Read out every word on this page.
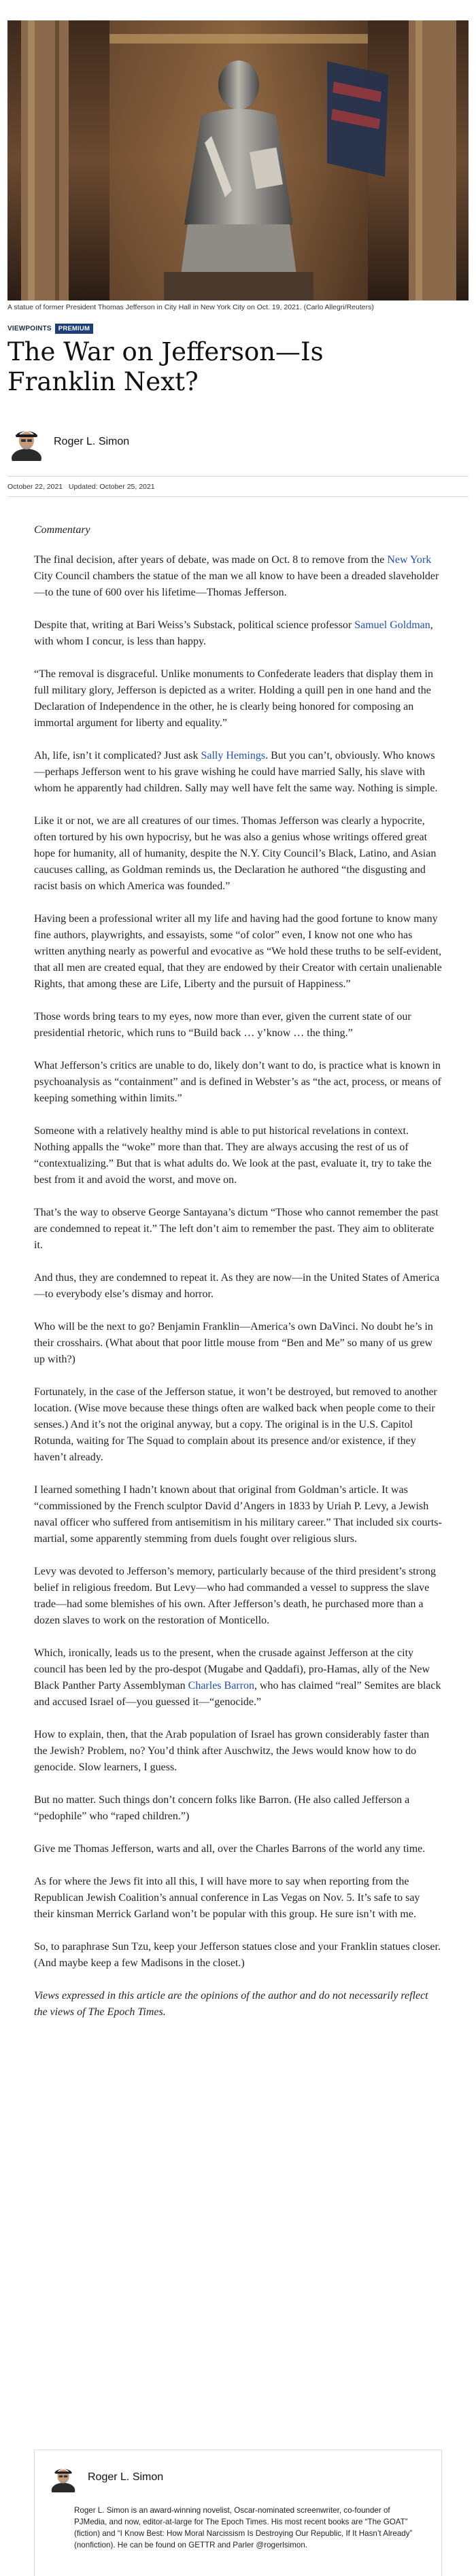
A statue of former President Thomas Jefferson in City Hall in New York City on Oct. 19, 2021. (Carlo Allegri/Reuters)
VIEWPOINTS	PREMIUM
The War on Jefferson—Is Franklin Next?
Roger L. Simon
October 22, 2021   Updated: October 25, 2021

Commentary

The final decision, after years of debate, was made on Oct. 8 to remove from the New York City Council chambers the statue of the man we all know to have been a dreaded slaveholder—to the tune of 600 over his lifetime—Thomas Jefferson.

Despite that, writing at Bari Weiss’s Substack, political science professor Samuel Goldman, with whom I concur, is less than happy.

“The removal is disgraceful. Unlike monuments to Confederate leaders that display them in full military glory, Jefferson is depicted as a writer. Holding a quill pen in one hand and the Declaration of Independence in the other, he is clearly being honored for composing an immortal argument for liberty and equality.”

Ah, life, isn’t it complicated? Just ask Sally Hemings. But you can’t, obviously. Who knows—perhaps Jefferson went to his grave wishing he could have married Sally, his slave with whom he apparently had children. Sally may well have felt the same way. Nothing is simple.

Like it or not, we are all creatures of our times. Thomas Jefferson was clearly a hypocrite, often tortured by his own hypocrisy, but he was also a genius whose writings offered great hope for humanity, all of humanity, despite the N.Y. City Council’s Black, Latino, and Asian caucuses calling, as Goldman reminds us, the Declaration he authored “the disgusting and racist basis on which America was founded.”

Having been a professional writer all my life and having had the good fortune to know many fine authors, playwrights, and essayists, some “of color” even, I know not one who has written anything nearly as powerful and evocative as “We hold these truths to be self-evident, that all men are created equal, that they are endowed by their Creator with certain unalienable Rights, that among these are Life, Liberty and the pursuit of Happiness.”

Those words bring tears to my eyes, now more than ever, given the current state of our presidential rhetoric, which runs to “Build back … y’know … the thing.”

What Jefferson’s critics are unable to do, likely don’t want to do, is practice what is known in psychoanalysis as “containment” and is defined in Webster’s as “the act, process, or means of keeping something within limits.”

Someone with a relatively healthy mind is able to put historical revelations in context. Nothing appalls the “woke” more than that. They are always accusing the rest of us of “contextualizing.” But that is what adults do. We look at the past, evaluate it, try to take the best from it and avoid the worst, and move on.

That’s the way to observe George Santayana’s dictum “Those who cannot remember the past are condemned to repeat it.” The left don’t aim to remember the past. They aim to obliterate it.

And thus, they are condemned to repeat it. As they are now—in the United States of America—to everybody else’s dismay and horror.

Who will be the next to go? Benjamin Franklin—America’s own DaVinci. No doubt he’s in their crosshairs. (What about that poor little mouse from “Ben and Me” so many of us grew up with?)

Fortunately, in the case of the Jefferson statue, it won’t be destroyed, but removed to another location. (Wise move because these things often are walked back when people come to their senses.) And it’s not the original anyway, but a copy. The original is in the U.S. Capitol Rotunda, waiting for The Squad to complain about its presence and/or existence, if they haven’t already.

I learned something I hadn’t known about that original from Goldman’s article. It was “commissioned by the French sculptor David d’Angers in 1833 by Uriah P. Levy, a Jewish naval officer who suffered from antisemitism in his military career.” That included six courts-martial, some apparently stemming from duels fought over religious slurs.

Levy was devoted to Jefferson’s memory, particularly because of the third president’s strong belief in religious freedom. But Levy—who had commanded a vessel to suppress the slave trade—had some blemishes of his own. After Jefferson’s death, he purchased more than a dozen slaves to work on the restoration of Monticello.

Which, ironically, leads us to the present, when the crusade against Jefferson at the city council has been led by the pro-despot (Mugabe and Qaddafi), pro-Hamas, ally of the New Black Panther Party Assemblyman Charles Barron, who has claimed “real” Semites are black and accused Israel of—you guessed it—“genocide.”

How to explain, then, that the Arab population of Israel has grown considerably faster than the Jewish? Problem, no? You’d think after Auschwitz, the Jews would know how to do genocide. Slow learners, I guess.

But no matter. Such things don’t concern folks like Barron. (He also called Jefferson a “pedophile” who “raped children.”)

Give me Thomas Jefferson, warts and all, over the Charles Barrons of the world any time.

As for where the Jews fit into all this, I will have more to say when reporting from the Republican Jewish Coalition’s annual conference in Las Vegas on Nov. 5. It’s safe to say their kinsman Merrick Garland won’t be popular with this group. He sure isn’t with me.

So, to paraphrase Sun Tzu, keep your Jefferson statues close and your Franklin statues closer. (And maybe keep a few Madisons in the closet.)

Views expressed in this article are the opinions of the author and do not necessarily reflect the views of The Epoch Times.

Roger L. Simon
Roger L. Simon is an award-winning novelist, Oscar-nominated screenwriter, co-founder of PJMedia, and now, editor-at-large for The Epoch Times. His most recent books are “The GOAT” (fiction) and “I Know Best: How Moral Narcissism Is Destroying Our Republic, If It Hasn’t Already” (nonfiction). He can be found on GETTR and Parler @rogerlsimon.
